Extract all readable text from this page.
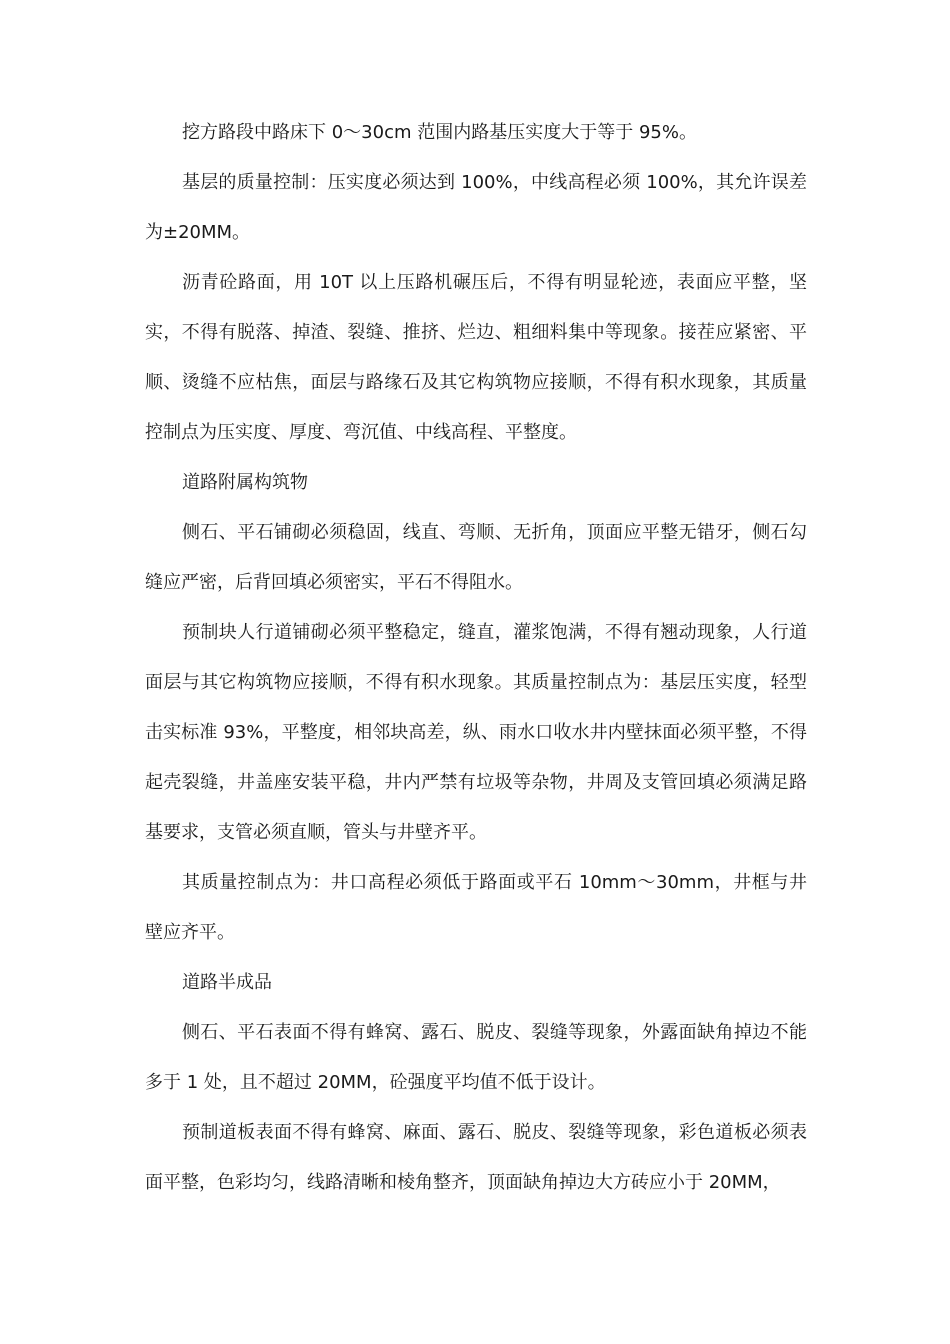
挖方路段中路床下 0～30cm 范围内路基压实度大于等于 95%。

基层的质量控制：压实度必须达到 100%，中线高程必须 100%，其允许误差为±20MM。

沥青砼路面，用 10T 以上压路机碾压后，不得有明显轮迹，表面应平整，坚实，不得有脱落、掉渣、裂缝、推挤、烂边、粗细料集中等现象。接茬应紧密、平顺、烫缝不应枯焦，面层与路缘石及其它构筑物应接顺，不得有积水现象，其质量控制点为压实度、厚度、弯沉值、中线高程、平整度。

道路附属构筑物

侧石、平石铺砌必须稳固，线直、弯顺、无折角，顶面应平整无错牙，侧石勾缝应严密，后背回填必须密实，平石不得阻水。

预制块人行道铺砌必须平整稳定，缝直，灌浆饱满，不得有翘动现象，人行道面层与其它构筑物应接顺，不得有积水现象。其质量控制点为：基层压实度，轻型击实标准 93%，平整度，相邻块高差，纵、雨水口收水井内壁抹面必须平整，不得起壳裂缝，井盖座安装平稳，井内严禁有垃圾等杂物，井周及支管回填必须满足路基要求，支管必须直顺，管头与井壁齐平。

其质量控制点为：井口高程必须低于路面或平石 10mm～30mm，井框与井壁应齐平。

道路半成品

侧石、平石表面不得有蜂窝、露石、脱皮、裂缝等现象，外露面缺角掉边不能多于 1 处，且不超过 20MM，砼强度平均值不低于设计。

预制道板表面不得有蜂窝、麻面、露石、脱皮、裂缝等现象，彩色道板必须表面平整，色彩均匀，线路清晰和棱角整齐，顶面缺角掉边大方砖应小于 20MM，
